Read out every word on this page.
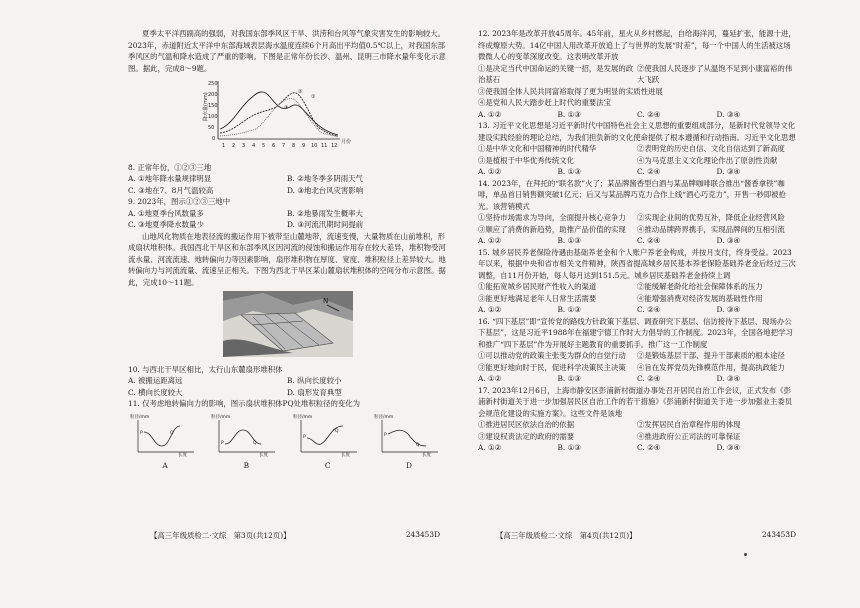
夏季太平洋西副高的强弱，对我国东部季风区干旱、洪涝和台风等气象灾害发生的影响较大。2023年，赤道附近太平洋中东部海域表层海水温度连续6个月高出平均值0.5℃以上，对我国东部季风区的气温和降水造成了严重的影响。下图是正常年份长沙、温州、昆明三市降水量年变化示意图。据此，完成8～9题。

降水量(mm)
250
200
150
100
50
0
1 2 3 4 5 6 7 8 9 10 11 12
月份
①
②
③

8. 正常年份，①②③三地

A. ①地年降水量规律明显	B. ②地冬季多阴雨天气
C. ③地在7、8月气温较高	D. ③地北台风灾害影响

9. 2023年，图示①②③三地中

A. ①地夏季台风数量多	B. ②地暴雨发生概率大
C. ③地夏季降水数量少	D. ③河流汛期时间提前

山地风化物质在地表径流的搬运作用下被带至山麓地带，流速变慢，大量物质在山前堆积，形成扇状堆积体。我国西北干旱区和东部季风区因河流的侵蚀和搬运作用存在较大差异，堆积物受河流水量、河流流速、地转偏向力等因素影响，扇形堆积物在厚度、宽度、堆积粒径上差异较大。地转偏向力与河流流量、流速呈正相关。下图为西北干旱区某山麓扇状堆积体的空间分布示意图。据此，完成10～11题。

N

10. 与西北干旱区相比，太行山东麓扇形堆积体

A. 被搬运距离远	B. 纵向长度较小
C. 横向长度较大	D. 扇形发育典型

11. 仅考虑地转偏向力的影响，图示扇状堆积体PQ处堆积粒径的变化为

粒径/mm
长度
P	Q
A
粒径/mm
长度
P	Q
B
粒径/mm
长度
P
Q
C
粒径/mm
长度
P
Q
D

12. 2023年是改革开放45周年。45年前，星火从乡村燃起，自给海洋河，蔓延扩张，能源十进，终成燎原大势。14亿中国人用改革开放追上了与世界的发展“时差”，每一个中国人的生活被这场微微人心的变革深度改变。这表明改革开放

①是决定当代中国命运的关键一招，是发展的政治基石
②使我国人民逐步了从温饱不足到小康富裕的伟大飞跃
③使我国全体人民共同富裕取得了更为明显的实质性进展

④是党和人民大踏步赶上时代的重要法宝

A. ①②	B. ①③	C. ②④	D. ③④

13. 习近平文化思想是习近平新时代中国特色社会主义思想的重要组成部分，是新时代党领导文化建设实践经验的理论总结，为我们担负新的文化使命提供了根本遵循和行动指南。习近平文化思想

①是中华文化和中国精神的时代精华	②表明党的历史自信、文化自信达到了新高度
③是植根于中华优秀传统文化	④为马克思主义文化理论作出了原创性贡献
A. ①②	B. ①③	C. ②④	D. ③④

14. 2023年，在拜托的“联名款”火了；某品牌酱香型白酒与某品牌咖啡联合推出“酱香拿铁”咖啡，单品首日销售额突破1亿元；后又与某品牌巧克力合作上线“酒心巧克力”，开售一秒即被抢光。该营销模式

①坚持市场需求为导向，全面提升核心竞争力	②实现企业间的优势互补，降低企业经营风险
③顺应了消费的新趋势，助推产品价值的实现	④推动品牌跨界携手，实现品牌间的互相引流
A. ①②	B. ①③	C. ②④	D. ③④

15. 城乡居民养老保险待遇由基础养老金和个人账户养老金构成，并按月支付，终身受益。2023年以来，根据中央和省市相关文件精神，陕西省提高城乡居民基本养老保险基础养老金后经过三次调整，自11月份开始，每人每月达到151.5元。城乡居民基础养老金持续上调

①能拓宽城乡居民财产性收入的渠道	②能缓解老龄化给社会保障体系的压力
③能更好地满足老年人日常生活需要	④能增强消费对经济发展的基础性作用
A. ①②	B. ①③	C. ②④	D. ③④

16. “四下基层”即“宣传党的路线方针政策下基层、调查研究下基层、信访接待下基层、现场办公下基层”，这是习近平1988年在福建宁德工作时大力倡导的工作制度。2023年，全国各地把学习和推广“四下基层”作为开展好主题教育的重要抓手。推广这一工作制度

①可以推动党的政策主张变为群众的自觉行动	②是锻炼基层干部、提升干部素质的根本途径
③能更好地向时于民，促进科学决策民主决策	④旨在发挥党员先锋模范作用，提高执政能力
A. ①②	B. ①③	C. ②④	D. ③④

17. 2023年12月6日，上海市静安区彭浦新村街道办事处召开居民自治工作会议，正式发布《彭浦新村街道关于进一步加强居民区自治工作的若干措施》《彭浦新村街道关于进一步加强业主委员会规范化建设的实施方案》。这些文件是该地

①推进居民区依法自治的依据	②发挥居民自治章程作用的体现
③建设权责法定的政府的需要	④推进政府公正司法的可靠保证
A. ①②	B. ①③	C. ②④	D. ③④
【高三年级质检二·文综　第3页(共12页)】	243453D	【高三年级质检二·文综　第4页(共12页)】	243453D
